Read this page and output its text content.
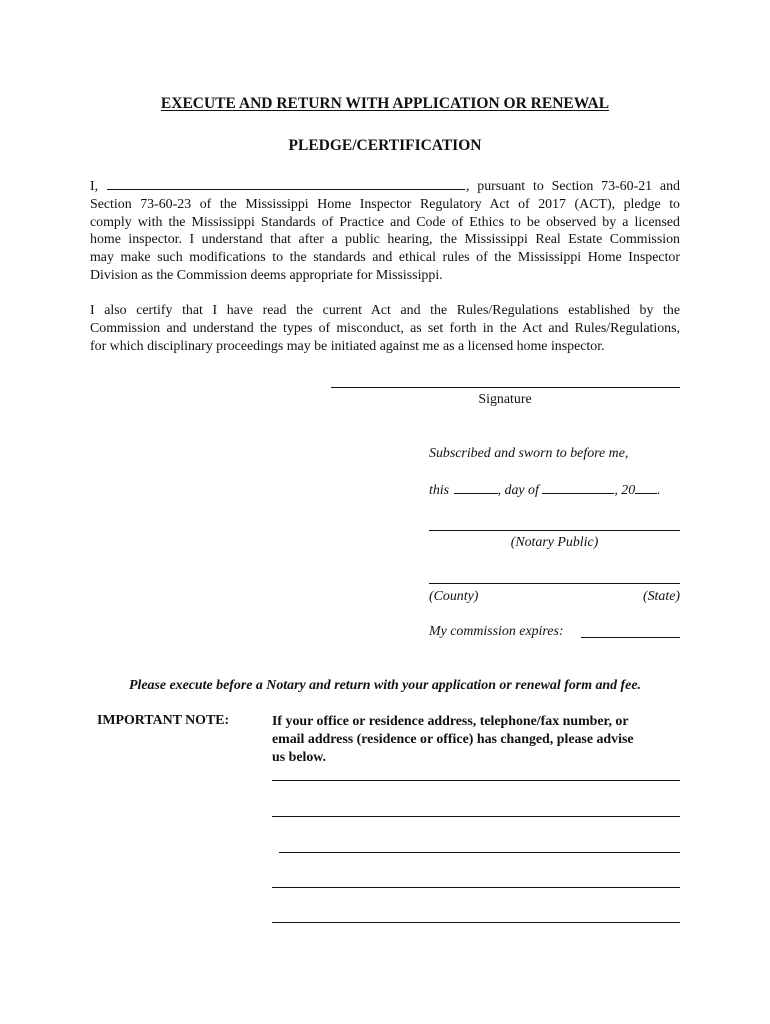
EXECUTE AND RETURN WITH APPLICATION OR RENEWAL
PLEDGE/CERTIFICATION
I,	, pursuant to Section 73-60-21 and
Section 73-60-23 of the Mississippi Home Inspector Regulatory Act of 2017 (ACT), pledge to
comply with the Mississippi Standards of Practice and Code of Ethics to be observed by a licensed
home inspector. I understand that after a public hearing, the Mississippi Real Estate Commission
may make such modifications to the standards and ethical rules of the Mississippi Home Inspector
Division as the Commission deems appropriate for Mississippi.
I also certify that I have read the current Act and the Rules/Regulations established by the
Commission and understand the types of misconduct, as set forth in the Act and Rules/Regulations,
for which disciplinary proceedings may be initiated against me as a licensed home inspector.
Signature
Subscribed and sworn to before me,
this	, day of	, 20 .
(Notary Public)
(County)	(State)
My commission expires:
Please execute before a Notary and return with your application or renewal form and fee.
IMPORTANT NOTE:	If your office or residence address, telephone/fax number, or
email address (residence or office) has changed, please advise
us below.
